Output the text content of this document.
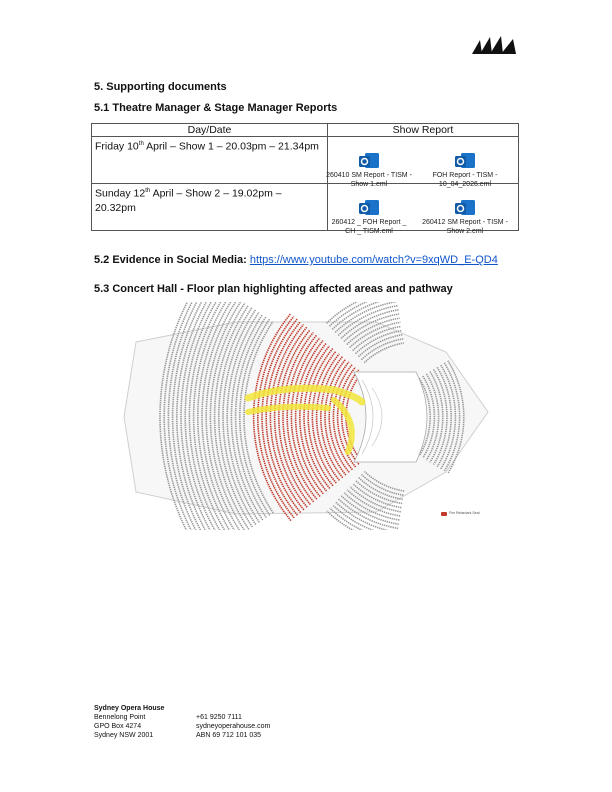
5. Supporting documents
5.1 Theatre Manager & Stage Manager Reports
Day/Date	Show Report
Friday 10th April – Show 1 – 20.03pm – 21.34pm	260410 SM Report - TISM - Show 1.eml
FOH Report - TISM - 10_04_2026.eml

Sunday 12th April – Show 2 – 19.02pm – 20.32pm	260412 _ FOH Report _ CH _ TISM.eml
260412 SM Report - TISM - Show 2.eml
5.2 Evidence in Social Media: https://www.youtube.com/watch?v=9xqWD_E-QD4
5.3 Concert Hall - Floor plan highlighting affected areas and pathway
Fire Retardant Seat
Sydney Opera House
Bennelong Point
GPO Box 4274
Sydney NSW 2001
+61 9250 7111
sydneyoperahouse.com
ABN 69 712 101 035
